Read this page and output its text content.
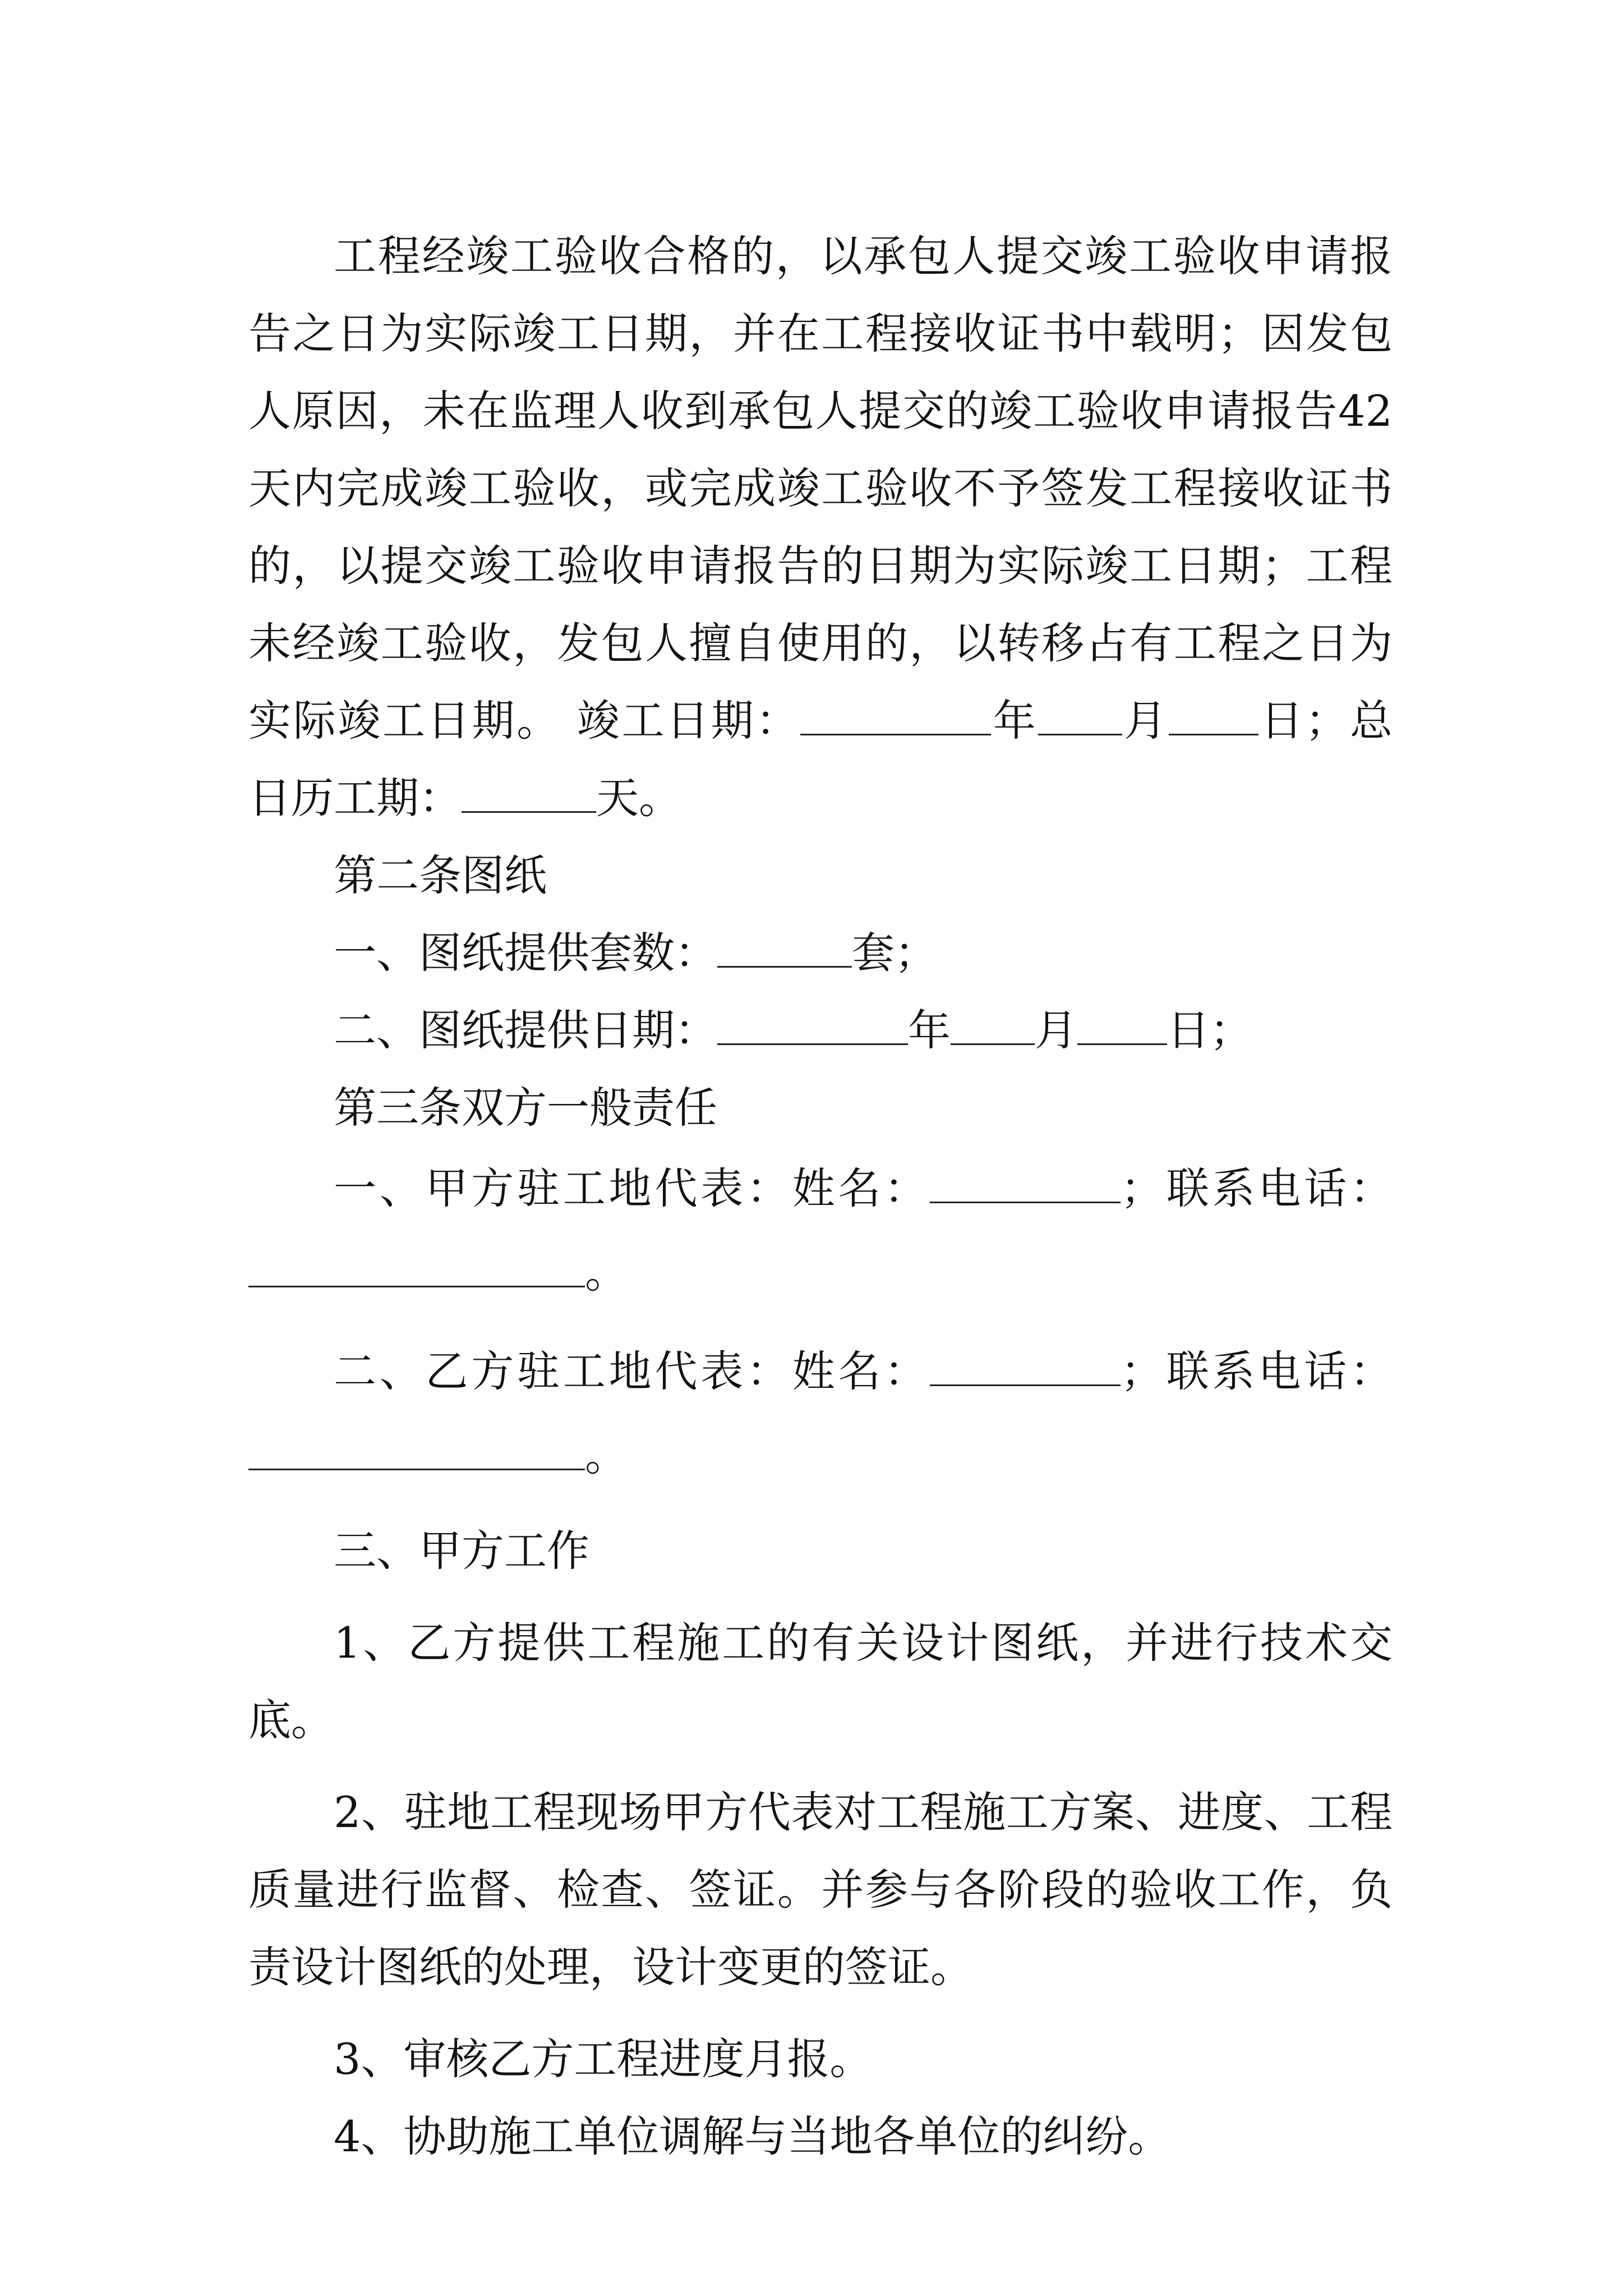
工程经竣工验收合格的，以承包人提交竣工验收申请报告之日为实际竣工日期，并在工程接收证书中载明；因发包人原因，未在监理人收到承包人提交的竣工验收申请报告42天内完成竣工验收，或完成竣工验收不予签发工程接收证书的，以提交竣工验收申请报告的日期为实际竣工日期；工程未经竣工验收，发包人擅自使用的，以转移占有工程之日为实际竣工日期。 竣工日期：	年 月 日；总日历工期：	天。

第二条图纸

一、图纸提供套数：	套；

二、图纸提供日期：	年 月 日；

第三条双方一般责任

一、甲方驻工地代表：姓名：	；联系电话：。

二、乙方驻工地代表：姓名：	；联系电话：。

三、甲方工作

1、乙方提供工程施工的有关设计图纸，并进行技术交底。

2、驻地工程现场甲方代表对工程施工方案、进度、工程质量进行监督、检查、签证。并参与各阶段的验收工作，负责设计图纸的处理，设计变更的签证。

3、审核乙方工程进度月报。

4、协助施工单位调解与当地各单位的纠纷。
